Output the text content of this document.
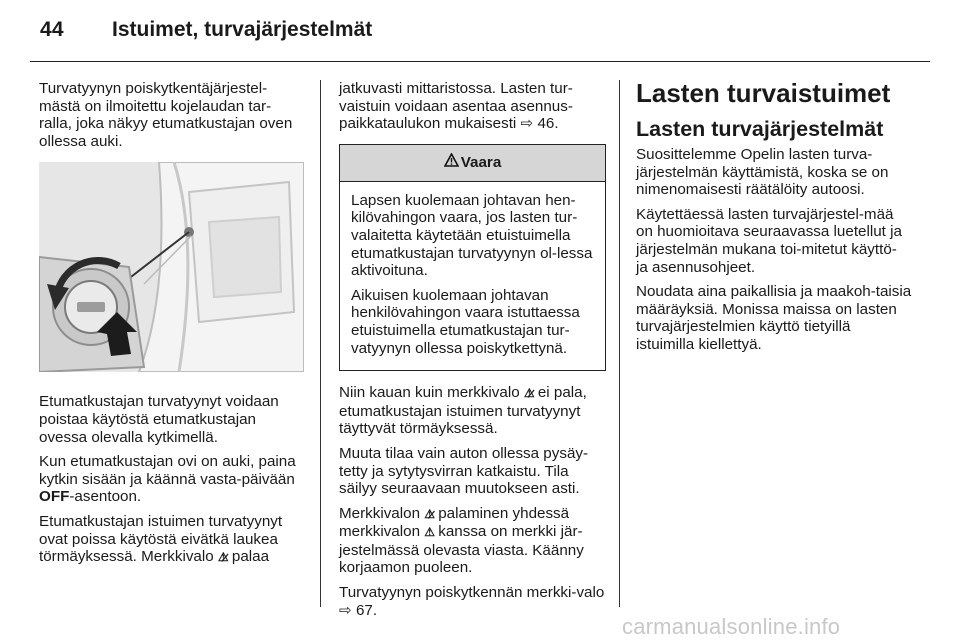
44 Istuimet, turvajärjestelmät

Turvatyynyn poiskytkentäjärjestel-mästä on ilmoitettu kojelaudan tar-ralla, joka näkyy etumatkustajan oven ollessa auki.

Etumatkustajan turvatyynyt voidaan poistaa käytöstä etumatkustajan ovessa olevalla kytkimellä.

Kun etumatkustajan ovi on auki, paina kytkin sisään ja käännä vasta-päivään OFF-asentoon.

Etumatkustajan istuimen turvatyynyt ovat poissa käytöstä eivätkä laukea törmäyksessä. Merkkivalo ⚠̷ palaa

jatkuvasti mittaristossa. Lasten tur-vaistuin voidaan asentaa asennus-paikkataulukon mukaisesti ⇨ 46.

Vaara

Lapsen kuolemaan johtavan hen-kilövahingon vaara, jos lasten tur-valaitetta käytetään etuistuimella etumatkustajan turvatyynyn ol-lessa aktivoituna.

Aikuisen kuolemaan johtavan henkilövahingon vaara istuttaessa etuistuimella etumatkustajan tur-vatyynyn ollessa poiskytkettynä.

Niin kauan kuin merkkivalo ⚠̷ ei pala, etumatkustajan istuimen turvatyynyt täyttyvät törmäyksessä.

Muuta tilaa vain auton ollessa pysäy-tetty ja sytytysvirran katkaistu. Tila säilyy seuraavaan muutokseen asti.

Merkkivalon ⚠̷ palaminen yhdessä merkkivalon ⚠ kanssa on merkki jär-jestelmässä olevasta viasta. Käänny korjaamon puoleen.

Turvatyynyn poiskytkennän merkki-valo ⇨ 67.

Lasten turvaistuimet
Lasten turvajärjestelmät

Suosittelemme Opelin lasten turva-järjestelmän käyttämistä, koska se on nimenomaisesti räätälöity autoosi.

Käytettäessä lasten turvajärjestel-mää on huomioitava seuraavassa luetellut ja järjestelmän mukana toi-mitetut käyttö- ja asennusohjeet.

Noudata aina paikallisia ja maakoh-taisia määräyksiä. Monissa maissa on lasten turvajärjestelmien käyttö tietyillä istuimilla kiellettyä.

carmanualsonline.info
